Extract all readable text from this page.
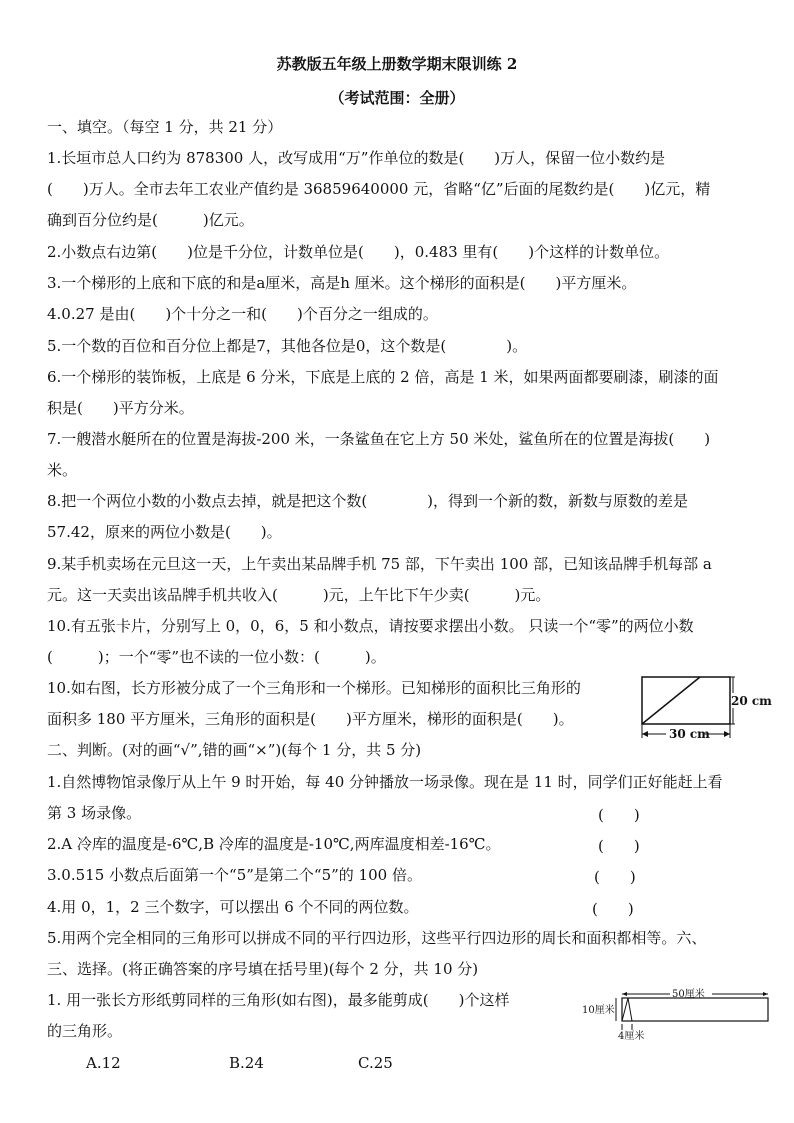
苏教版五年级上册数学期末限训练 2
（考试范围：全册）
一、填空。（每空 1 分，共 21 分）
1.长垣市总人口约为 878300 人，改写成用“万”作单位的数是(　　)万人，保留一位小数约是
(　　)万人。全市去年工农业产值约是 36859640000 元，省略“亿”后面的尾数约是(　　)亿元，精
确到百分位约是(　　　)亿元。
2.小数点右边第(　　)位是千分位，计数单位是(　　)，0.483 里有(　　)个这样的计数单位。
3.一个梯形的上底和下底的和是a厘米，高是h 厘米。这个梯形的面积是(　　)平方厘米。
4.0.27 是由(　　)个十分之一和(　　)个百分之一组成的。
5.一个数的百位和百分位上都是7，其他各位是0，这个数是(　　　　)。
6.一个梯形的装饰板，上底是 6 分米，下底是上底的 2 倍，高是 1 米，如果两面都要刷漆，刷漆的面
积是(　　)平方分米。
7.一艘潜水艇所在的位置是海拔-200 米，一条鲨鱼在它上方 50 米处，鲨鱼所在的位置是海拔(　　)
米。
8.把一个两位小数的小数点去掉，就是把这个数(　　　　)，得到一个新的数，新数与原数的差是
57.42，原来的两位小数是(　　)。
9.某手机卖场在元旦这一天，上午卖出某品牌手机 75 部，下午卖出 100 部，已知该品牌手机每部 a
元。这一天卖出该品牌手机共收入(　　　)元，上午比下午少卖(　　　)元。
10.有五张卡片，分别写上 0，0，6，5 和小数点，请按要求摆出小数。 只读一个“零”的两位小数
(　　　)；一个“零”也不读的一位小数：(　　　)。
10.如右图，长方形被分成了一个三角形和一个梯形。已知梯形的面积比三角形的
面积多 180 平方厘米，三角形的面积是(　　)平方厘米，梯形的面积是(　　)。
20 cm
30 cm
二、判断。(对的画“√”,错的画“×”)(每个 1 分，共 5 分)
1.自然博物馆录像厅从上午 9 时开始，每 40 分钟播放一场录像。现在是 11 时，同学们正好能赶上看
第 3 场录像。
2.A 冷库的温度是-6℃,B 冷库的温度是-10℃,两库温度相差-16℃。
3.0.515 小数点后面第一个“5”是第二个“5”的 100 倍。
4.用 0，1，2 三个数字，可以摆出 6 个不同的两位数。
5.用两个完全相同的三角形可以拼成不同的平行四边形，这些平行四边形的周长和面积都相等。六、
(　　)
(　　)
(　　)
(　　)
三、选择。(将正确答案的序号填在括号里)(每个 2 分，共 10 分)
1. 用一张长方形纸剪同样的三角形(如右图)，最多能剪成(　　)个这样
的三角形。
A.12	B.24	C.25
50厘米
10厘米
4厘米
